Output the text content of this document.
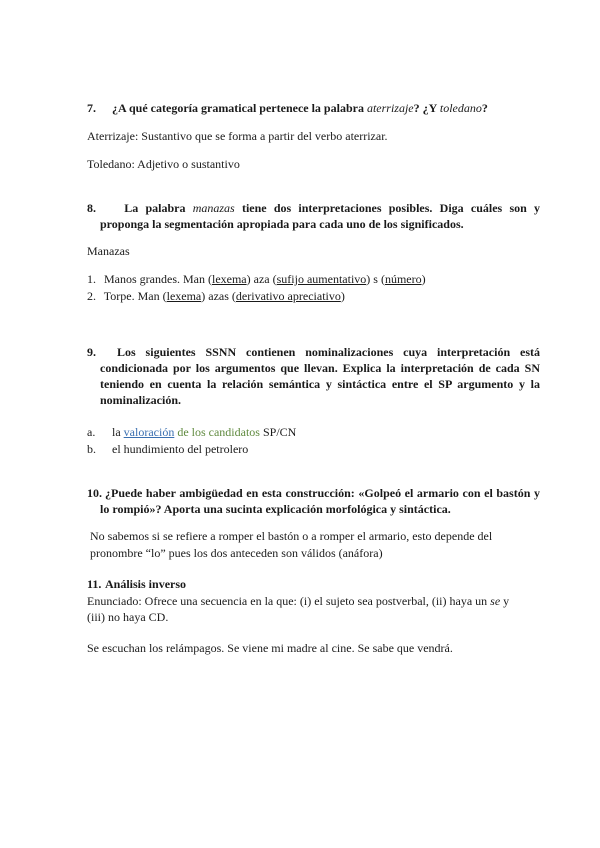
7. ¿A qué categoría gramatical pertenece la palabra aterrizaje? ¿Y toledano?
Aterrizaje: Sustantivo que se forma a partir del verbo aterrizar.
Toledano: Adjetivo o sustantivo
8. La palabra manazas tiene dos interpretaciones posibles. Diga cuáles son y proponga la segmentación apropiada para cada uno de los significados.
Manazas
1. Manos grandes. Man (lexema) aza (sufijo aumentativo) s (número)
2. Torpe. Man (lexema) azas (derivativo apreciativo)
9. Los siguientes SSNN contienen nominalizaciones cuya interpretación está condicionada por los argumentos que llevan. Explica la interpretación de cada SN teniendo en cuenta la relación semántica y sintáctica entre el SP argumento y la nominalización.
a. la valoración de los candidatos SP/CN
b. el hundimiento del petrolero
10. ¿Puede haber ambigüedad en esta construcción: «Golpeó el armario con el bastón y lo rompió»? Aporta una sucinta explicación morfológica y sintáctica.
No sabemos si se refiere a romper el bastón o a romper el armario, esto depende del
pronombre “lo” pues los dos anteceden son válidos (anáfora)
11. Análisis inverso
Enunciado: Ofrece una secuencia en la que: (i) el sujeto sea postverbal, (ii) haya un se y (iii) no haya CD.
Se escuchan los relámpagos. Se viene mi madre al cine. Se sabe que vendrá.
